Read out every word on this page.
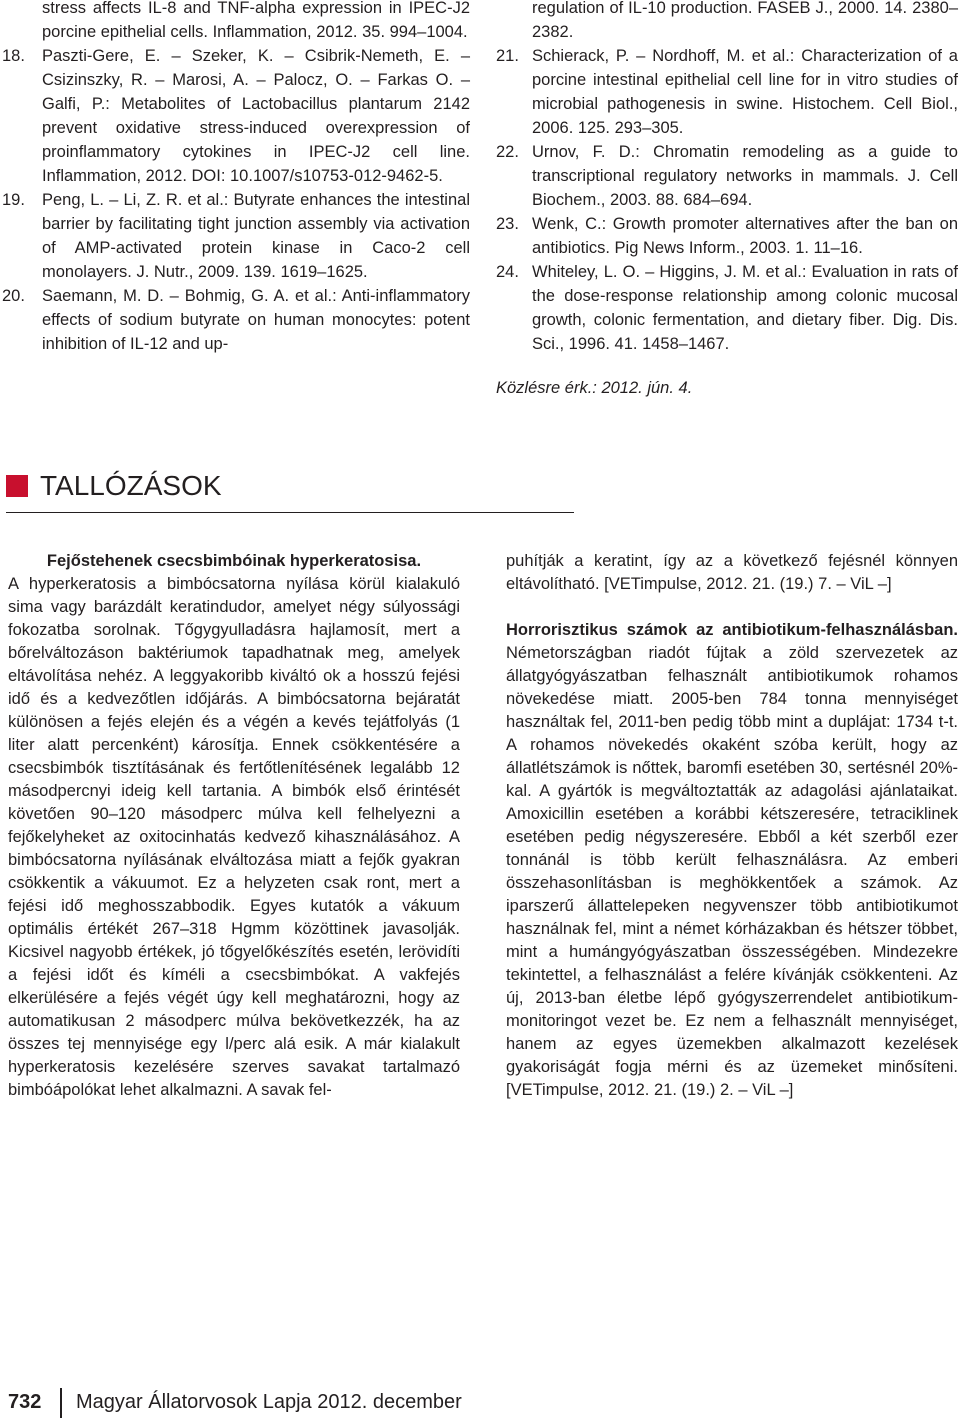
stress affects IL-8 and TNF-alpha expression in IPEC-J2 porcine epithelial cells. Inflammation, 2012. 35. 994–1004.
18. Paszti-Gere, E. – Szeker, K. – Csibrik-Nemeth, E. – Csizinszky, R. – Marosi, A. – Palocz, O. – Farkas O. – Galfi, P.: Metabolites of Lactobacillus plantarum 2142 prevent oxidative stress-induced overexpression of proinflammatory cytokines in IPEC-J2 cell line. Inflammation, 2012. DOI: 10.1007/s10753-012-9462-5.
19. Peng, L. – Li, Z. R. et al.: Butyrate enhances the intestinal barrier by facilitating tight junction assembly via activation of AMP-activated protein kinase in Caco-2 cell monolayers. J. Nutr., 2009. 139. 1619–1625.
20. Saemann, M. D. – Bohmig, G. A. et al.: Anti-inflammatory effects of sodium butyrate on human monocytes: potent inhibition of IL-12 and up-
regulation of IL-10 production. FASEB J., 2000. 14. 2380–2382.
21. Schierack, P. – Nordhoff, M. et al.: Characterization of a porcine intestinal epithelial cell line for in vitro studies of microbial pathogenesis in swine. Histochem. Cell Biol., 2006. 125. 293–305.
22. Urnov, F. D.: Chromatin remodeling as a guide to transcriptional regulatory networks in mammals. J. Cell Biochem., 2003. 88. 684–694.
23. Wenk, C.: Growth promoter alternatives after the ban on antibiotics. Pig News Inform., 2003. 1. 11–16.
24. Whiteley, L. O. – Higgins, J. M. et al.: Evaluation in rats of the dose-response relationship among colonic mucosal growth, colonic fermentation, and dietary fiber. Dig. Dis. Sci., 1996. 41. 1458–1467.
Közlésre érk.: 2012. jún. 4.
TALLÓZÁSOK
Fejőstehenek csecsbimbóinak hyperkeratosisa.

A hyperkeratosis a bimbócsatorna nyílása körül kialakuló sima vagy barázdált keratindudor, amelyet négy súlyossági fokozatba sorolnak. Tőgygyulladásra hajlamosít, mert a bőrelváltozáson baktériumok tapadhatnak meg, amelyek eltávolítása nehéz. A leggyakoribb kiváltó ok a hosszú fejési idő és a kedvezőtlen időjárás. A bimbócsatorna bejáratát különösen a fejés elején és a végén a kevés tejátfolyás (1 liter alatt percenként) károsítja. Ennek csökkentésére a csecsbimbók tisztításának és fertőtlenítésének legalább 12 másodpercnyi ideig kell tartania. A bimbók első érintését követően 90–120 másodperc múlva kell felhelyezni a fejőkelyheket az oxitocinhatás kedvező kihasználásához. A bimbócsatorna nyílásának elváltozása miatt a fejők gyakran csökkentik a vákuumot. Ez a helyzeten csak ront, mert a fejési idő meghosszabbodik. Egyes kutatók a vákuum optimális értékét 267–318 Hgmm közöttinek javasolják. Kicsivel nagyobb értékek, jó tőgyelőkészítés esetén, lerövidíti a fejési időt és kíméli a csecsbimbókat. A vakfejés elkerülésére a fejés végét úgy kell meghatározni, hogy az automatikusan 2 másodperc múlva bekövetkezzék, ha az összes tej mennyisége egy l/perc alá esik. A már kialakult hyperkeratosis kezelésére szerves savakat tartalmazó bimbóápolókat lehet alkalmazni. A savak fel-

puhítják a keratint, így az a következő fejésnél könnyen eltávolítható. [VETimpulse, 2012. 21. (19.) 7. – ViL –]

Horrorisztikus számok az antibiotikum-felhasználásban. Németországban riadót fújtak a zöld szervezetek az állatgyógyászatban felhasznált antibiotikumok rohamos növekedése miatt. 2005-ben 784 tonna mennyiséget használtak fel, 2011-ben pedig több mint a duplájat: 1734 t-t. A rohamos növekedés okaként szóba került, hogy az állatlétszámok is nőttek, baromfi esetében 30, sertésnél 20%-kal. A gyártók is megváltoztatták az adagolási ajánlataikat. Amoxicillin esetében a korábbi kétszeresére, tetraciklinek esetében pedig négyszeresére. Ebből a két szerből ezer tonnánál is több került felhasználásra. Az emberi összehasonlításban is meghökkentőek a számok. Az iparszerű állattelepeken negyvenszer több antibiotikumot használnak fel, mint a német kórházakban és hétszer többet, mint a humángyógyászatban összességében. Mindezekre tekintettel, a felhasználást a felére kívánják csökkenteni. Az új, 2013-ban életbe lépő gyógyszerrendelet antibiotikum-monitoringot vezet be. Ez nem a felhasznált mennyiséget, hanem az egyes üzemekben alkalmazott kezelések gyakoriságát fogja mérni és az üzemeket minősíteni. [VETimpulse, 2012. 21. (19.) 2. – ViL –]

732 Magyar Állatorvosok Lapja 2012. december
